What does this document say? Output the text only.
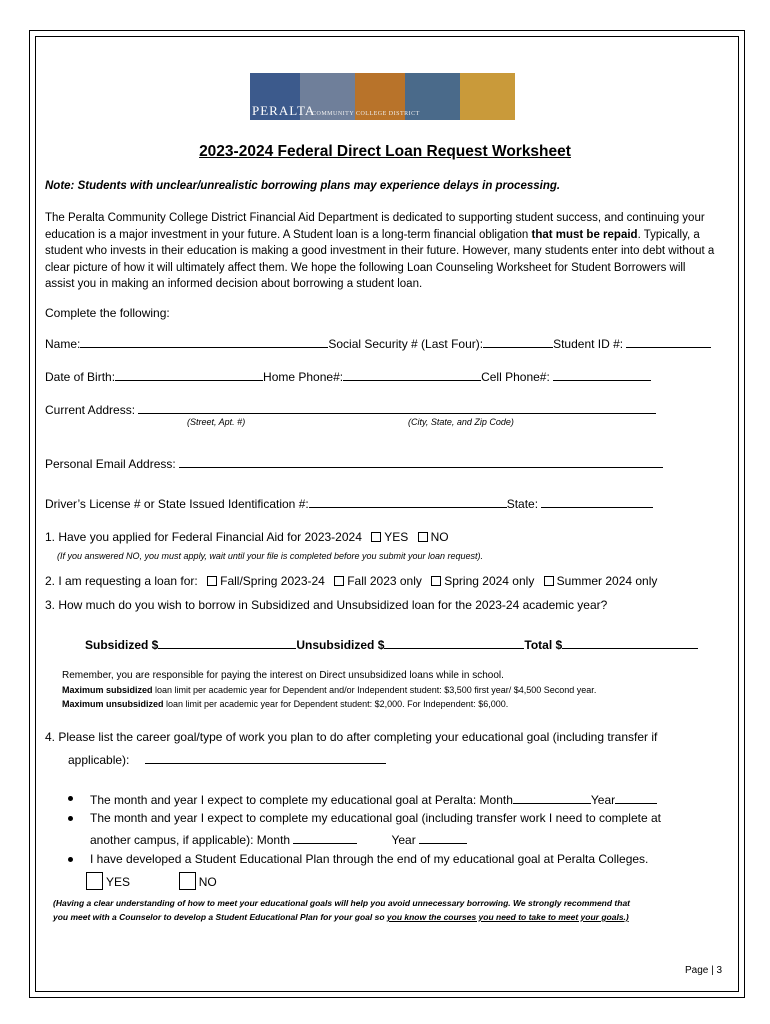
PERALTA
COMMUNITY COLLEGE DISTRICT
2023-2024 Federal Direct Loan Request Worksheet
Note: Students with unclear/unrealistic borrowing plans may experience delays in processing.
The Peralta Community College District Financial Aid Department is dedicated to supporting student success, and continuing your education is a major investment in your future. A Student loan is a long-term financial obligation that must be repaid. Typically, a student who invests in their education is making a good investment in their future. However, many students enter into debt without a clear picture of how it will ultimately affect them. We hope the following Loan Counseling Worksheet for Student Borrowers will assist you in making an informed decision about borrowing a student loan.
Complete the following:
Name:	Social Security # (Last Four):	Student ID #:
Date of Birth:	Home Phone#:	Cell Phone#:
Current Address:
(Street, Apt. #)	(City, State, and Zip Code)
Personal Email Address:
Driver’s License # or State Issued Identification #:	State:
1. Have you applied for Federal Financial Aid for 2023-2024 YES NO
(If you answered NO, you must apply, wait until your file is completed before you submit your loan request).
2. I am requesting a loan for: Fall/Spring 2023-24 Fall 2023 only Spring 2024 only Summer 2024 only
3. How much do you wish to borrow in Subsidized and Unsubsidized loan for the 2023-24 academic year?
Subsidized $	Unsubsidized $	Total $
Remember, you are responsible for paying the interest on Direct unsubsidized loans while in school.
Maximum subsidized loan limit per academic year for Dependent and/or Independent student: $3,500 first year/ $4,500 Second year.
Maximum unsubsidized loan limit per academic year for Dependent student: $2,000. For Independent: $6,000.
4. Please list the career goal/type of work you plan to do after completing your educational goal (including transfer if
applicable):
The month and year I expect to complete my educational goal at Peralta: Month	Year
The month and year I expect to complete my educational goal (including transfer work I need to complete at
another campus, if applicable): Month	Year
I have developed a Student Educational Plan through the end of my educational goal at Peralta Colleges.
YES	NO
(Having a clear understanding of how to meet your educational goals will help you avoid unnecessary borrowing. We strongly recommend that
you meet with a Counselor to develop a Student Educational Plan for your goal so you know the courses you need to take to meet your goals.)
Page | 3
